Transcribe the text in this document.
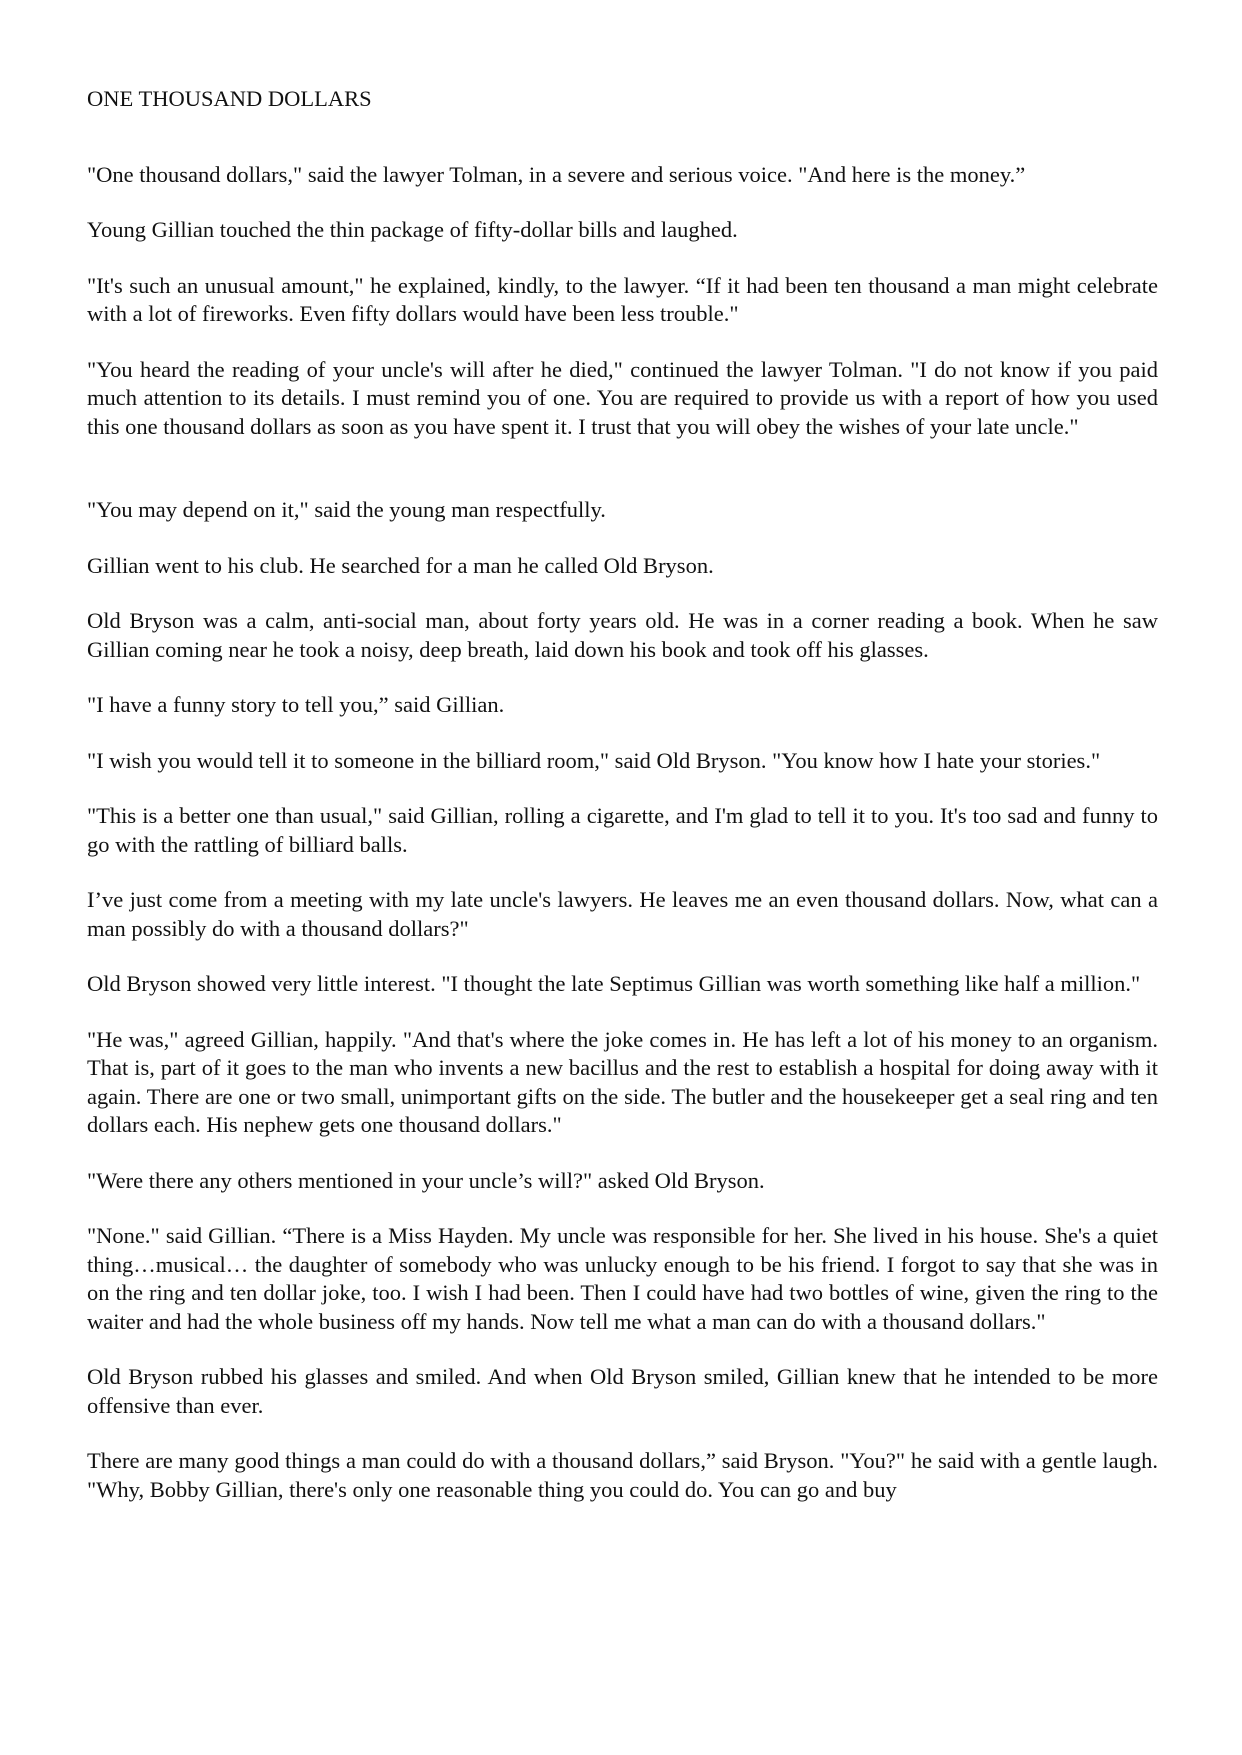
ONE THOUSAND DOLLARS

"One thousand dollars," said the lawyer Tolman, in a severe and serious voice. "And here is the money.”

Young Gillian touched the thin package of fifty-dollar bills and laughed.

"It's such an unusual amount," he explained, kindly, to the lawyer. “If it had been ten thousand a man might celebrate with a lot of fireworks. Even fifty dollars would have been less trouble."

"You heard the reading of your uncle's will after he died," continued the lawyer Tolman. "I do not know if you paid much attention to its details. I must remind you of one. You are required to provide us with a report of how you used this one thousand dollars as soon as you have spent it. I trust that you will obey the wishes of your late uncle."

"You may depend on it," said the young man respectfully.

Gillian went to his club. He searched for a man he called Old Bryson.

Old Bryson was a calm, anti-social man, about forty years old. He was in a corner reading a book. When he saw Gillian coming near he took a noisy, deep breath, laid down his book and took off his glasses.

"I have a funny story to tell you,” said Gillian.

"I wish you would tell it to someone in the billiard room," said Old Bryson. "You know how I hate your stories."

"This is a better one than usual," said Gillian, rolling a cigarette, and I'm glad to tell it to you. It's too sad and funny to go with the rattling of billiard balls.

I’ve just come from a meeting with my late uncle's lawyers. He leaves me an even thousand dollars. Now, what can a man possibly do with a thousand dollars?"

Old Bryson showed very little interest. "I thought the late Septimus Gillian was worth something like half a million."

"He was," agreed Gillian, happily. "And that's where the joke comes in. He has left a lot of his money to an organism. That is, part of it goes to the man who invents a new bacillus and the rest to establish a hospital for doing away with it again. There are one or two small, unimportant gifts on the side. The butler and the housekeeper get a seal ring and ten dollars each. His nephew gets one thousand dollars."

"Were there any others mentioned in your uncle’s will?" asked Old Bryson.

"None." said Gillian. “There is a Miss Hayden. My uncle was responsible for her. She lived in his house. She's a quiet thing…musical… the daughter of somebody who was unlucky enough to be his friend. I forgot to say that she was in on the ring and ten dollar joke, too. I wish I had been. Then I could have had two bottles of wine, given the ring to the waiter and had the whole business off my hands. Now tell me what a man can do with a thousand dollars."

Old Bryson rubbed his glasses and smiled. And when Old Bryson smiled, Gillian knew that he intended to be more offensive than ever.

There are many good things a man could do with a thousand dollars,” said Bryson. "You?" he said with a gentle laugh. "Why, Bobby Gillian, there's only one reasonable thing you could do. You can go and buy
